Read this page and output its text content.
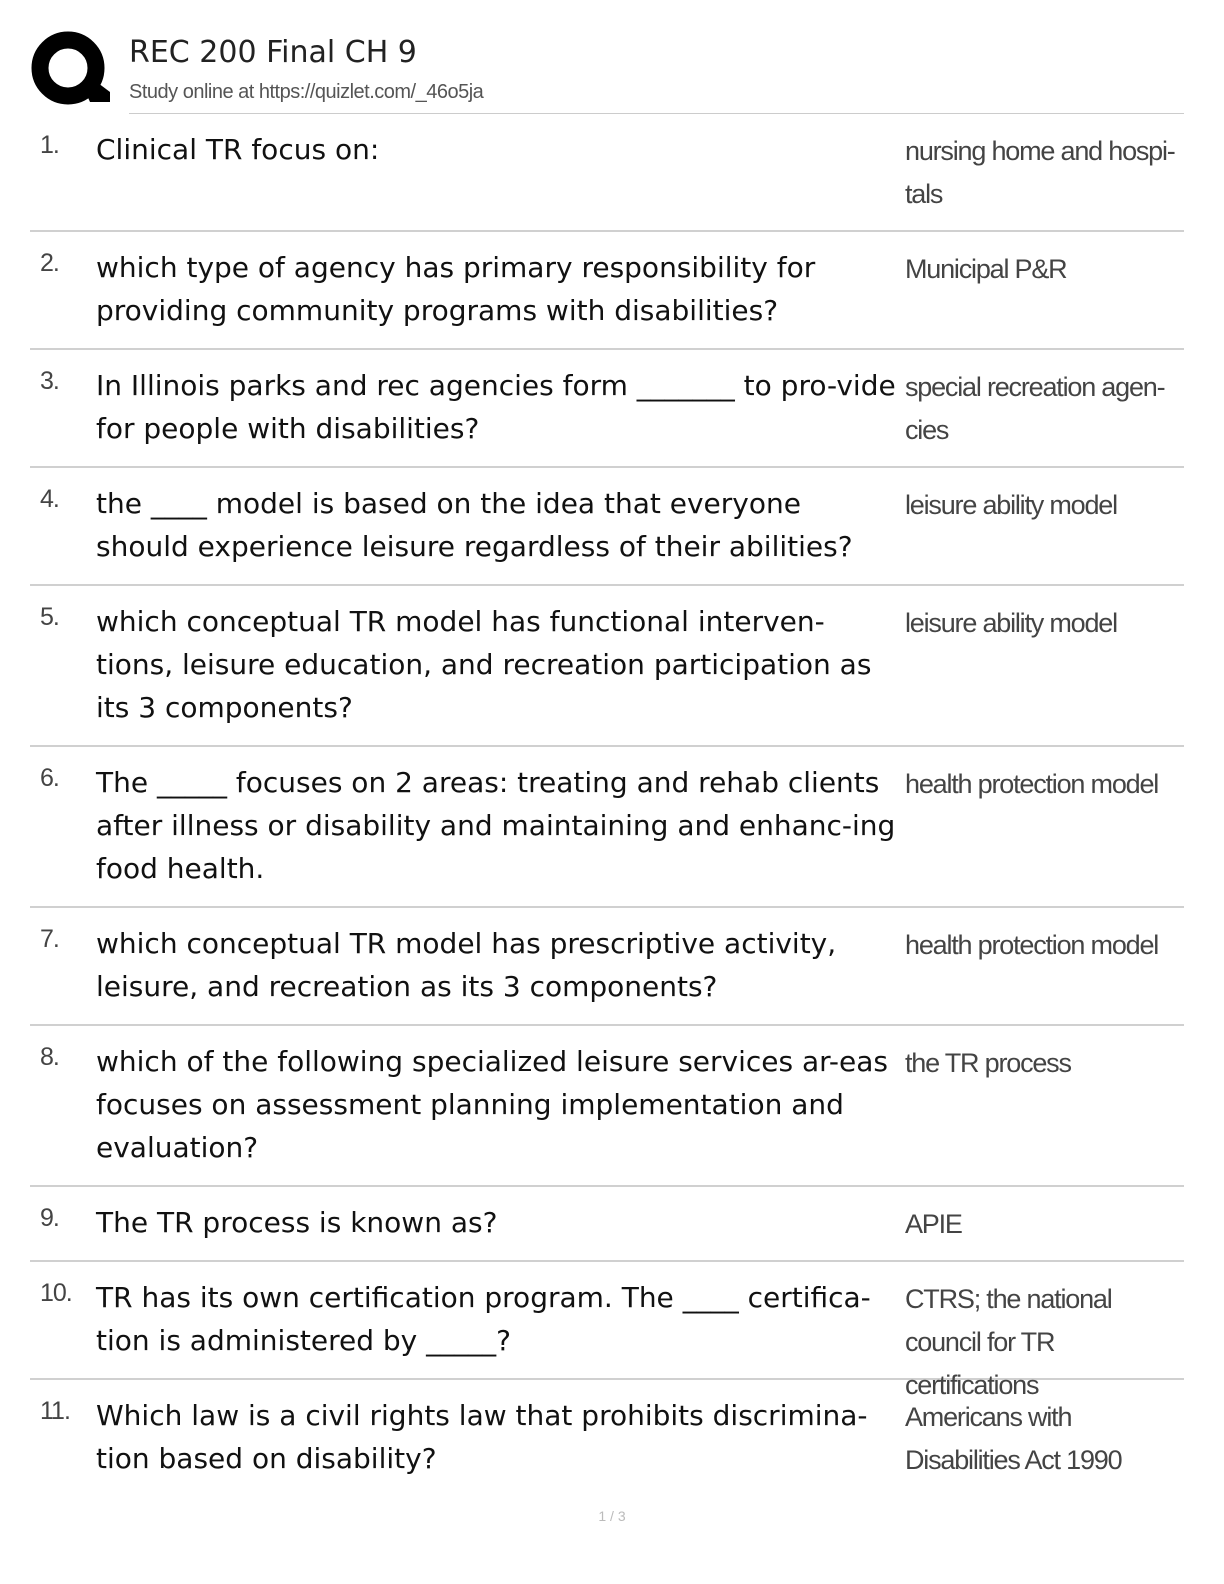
REC 200 Final CH 9
Study online at https://quizlet.com/_46o5ja
1. Clinical TR focus on:	nursing home and hospi-tals
2. which type of agency has primary responsibility for providing community programs with disabilities?
Municipal P&R
3. In Illinois parks and rec agencies form _______ to pro-vide for people with disabilities?
special recreation agen-cies
4. the ____ model is based on the idea that everyone should experience leisure regardless of their abilities?
leisure ability model
5. which conceptual TR model has functional interven-tions, leisure education, and recreation participation as its 3 components?
leisure ability model
6. The _____ focuses on 2 areas: treating and rehab clients after illness or disability and maintaining and enhanc-ing food health.
health protection model
7. which conceptual TR model has prescriptive activity, leisure, and recreation as its 3 components?
health protection model
8. which of the following specialized leisure services ar-eas focuses on assessment planning implementation and evaluation?
the TR process
9. The TR process is known as?	APIE
10. TR has its own certification program. The ____ certifica-tion is administered by _____?
CTRS; the national council for TR certifications
11. Which law is a civil rights law that prohibits discrimina-tion based on disability?
Americans with Disabilities Act 1990
1 / 3
